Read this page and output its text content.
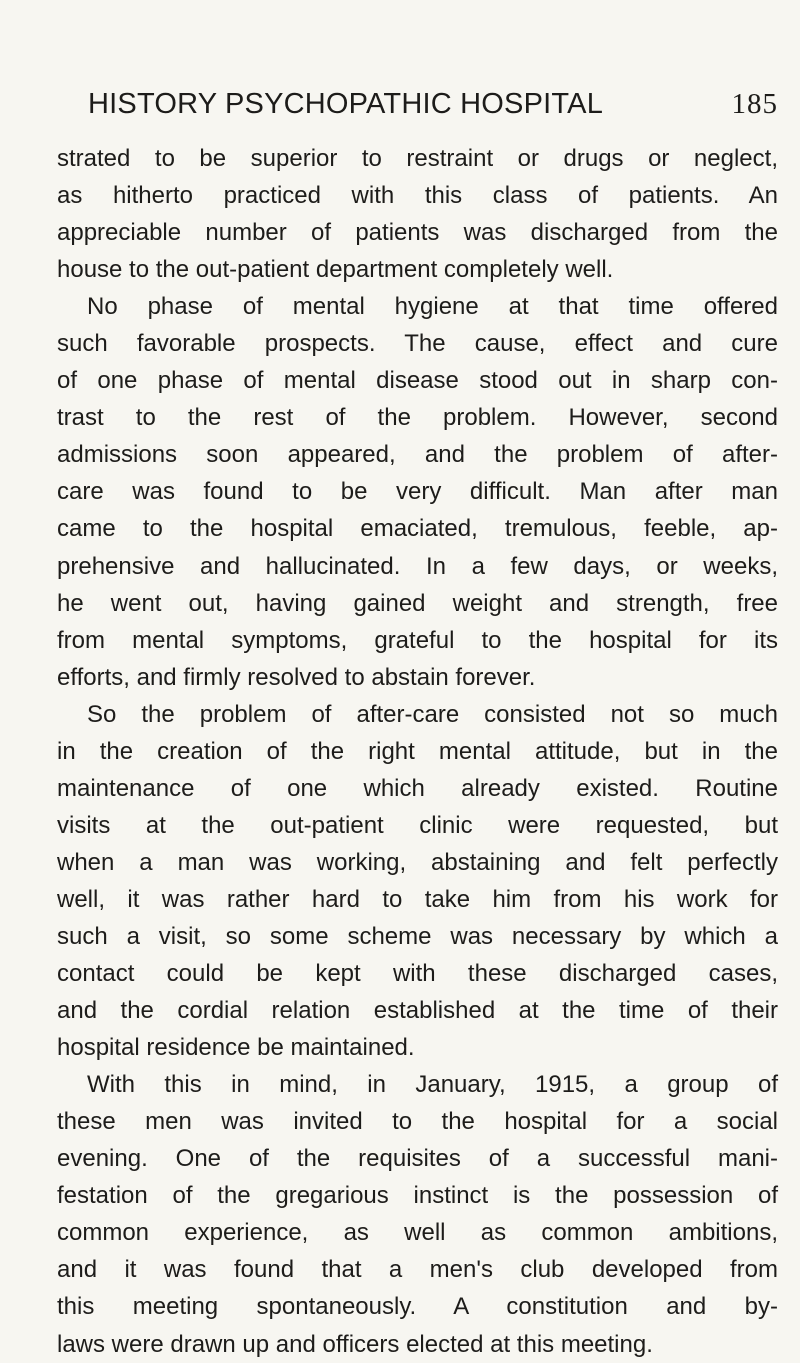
HISTORY PSYCHOPATHIC HOSPITAL	185
strated to be superior to restraint or drugs or neglect,
as hitherto practiced with this class of patients. An
appreciable number of patients was discharged from the
house to the out-patient department completely well.
No phase of mental hygiene at that time offered
such favorable prospects. The cause, effect and cure
of one phase of mental disease stood out in sharp con-
trast to the rest of the problem. However, second
admissions soon appeared, and the problem of after-
care was found to be very difficult. Man after man
came to the hospital emaciated, tremulous, feeble, ap-
prehensive and hallucinated. In a few days, or weeks,
he went out, having gained weight and strength, free
from mental symptoms, grateful to the hospital for its
efforts, and firmly resolved to abstain forever.
So the problem of after-care consisted not so much
in the creation of the right mental attitude, but in the
maintenance of one which already existed. Routine
visits at the out-patient clinic were requested, but
when a man was working, abstaining and felt perfectly
well, it was rather hard to take him from his work for
such a visit, so some scheme was necessary by which a
contact could be kept with these discharged cases,
and the cordial relation established at the time of their
hospital residence be maintained.
With this in mind, in January, 1915, a group of
these men was invited to the hospital for a social
evening. One of the requisites of a successful mani-
festation of the gregarious instinct is the possession of
common experience, as well as common ambitions,
and it was found that a men's club developed from
this meeting spontaneously. A constitution and by-
laws were drawn up and officers elected at this meeting.
